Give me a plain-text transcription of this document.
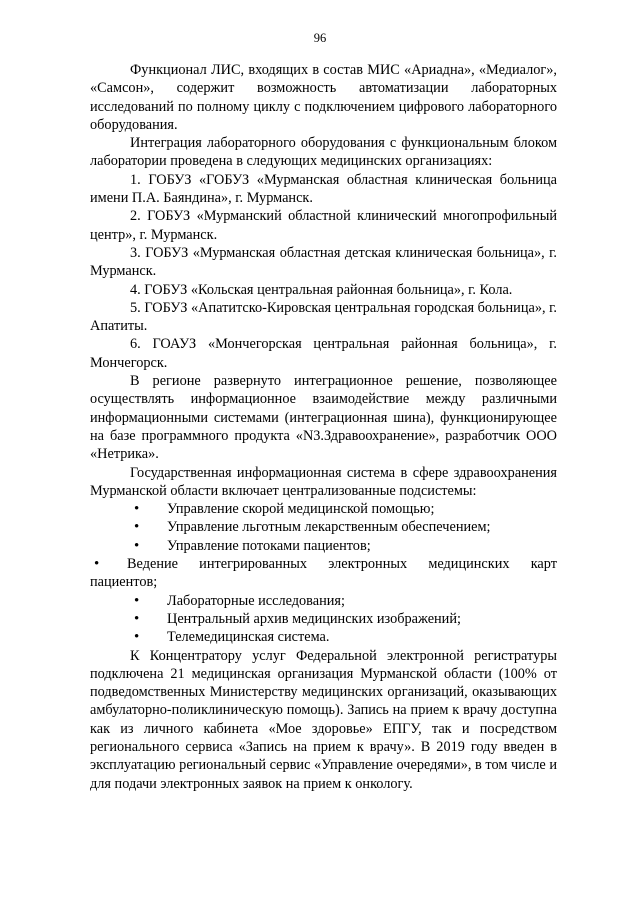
96

Функционал ЛИС, входящих в состав МИС «Ариадна», «Медиалог», «Самсон», содержит возможность автоматизации лабораторных исследований по полному циклу с подключением цифрового лабораторного оборудования.

Интеграция лабораторного оборудования с функциональным блоком лаборатории проведена в следующих медицинских организациях:

1. ГОБУЗ «ГОБУЗ «Мурманская областная клиническая больница имени П.А. Баяндина», г. Мурманск.
2. ГОБУЗ «Мурманский областной клинический многопрофильный центр», г. Мурманск.
3. ГОБУЗ «Мурманская областная детская клиническая больница», г. Мурманск.
4. ГОБУЗ «Кольская центральная районная больница», г. Кола.
5. ГОБУЗ «Апатитско-Кировская центральная городская больница», г. Апатиты.
6. ГОАУЗ «Мончегорская центральная районная больница», г. Мончегорск.

В регионе развернуто интеграционное решение, позволяющее осуществлять информационное взаимодействие между различными информационными системами (интеграционная шина), функционирующее на базе программного продукта «N3.Здравоохранение», разработчик ООО «Нетрика».

Государственная информационная система в сфере здравоохранения Мурманской области включает централизованные подсистемы:

•Управление скорой медицинской помощью;
•Управление льготным лекарственным обеспечением;
•Управление потоками пациентов;
•Ведение интегрированных электронных медицинских карт пациентов;
•Лабораторные исследования;
•Центральный архив медицинских изображений;
•Телемедицинская система.

К Концентратору услуг Федеральной электронной регистратуры подключена 21 медицинская организация Мурманской области (100% от подведомственных Министерству медицинских организаций, оказывающих амбулаторно-поликлиническую помощь). Запись на прием к врачу доступна как из личного кабинета «Мое здоровье» ЕПГУ, так и посредством регионального сервиса «Запись на прием к врачу». В 2019 году введен в эксплуатацию региональный сервис «Управление очередями», в том числе и для подачи электронных заявок на прием к онкологу.
